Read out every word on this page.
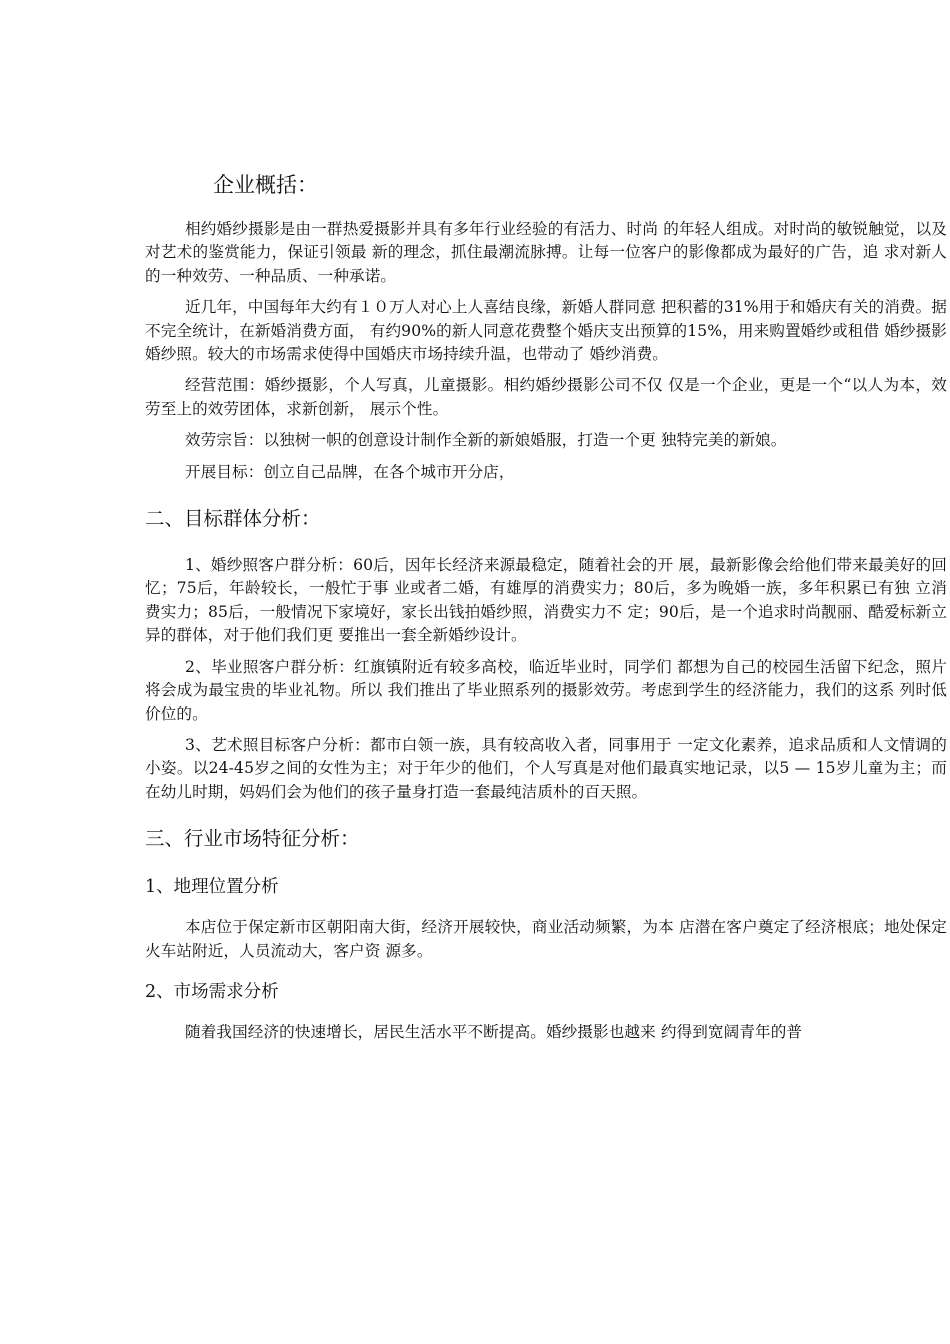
企业概括：

相约婚纱摄影是由一群热爱摄影并具有多年行业经验的有活力、时尚 的年轻人组成。对时尚的敏锐触觉，以及对艺术的鉴赏能力，保证引领最 新的理念，抓住最潮流脉搏。让每一位客户的影像都成为最好的广告，追 求对新人的一种效劳、一种品质、一种承诺。

近几年，中国每年大约有１０万人对心上人喜结良缘，新婚人群同意 把积蓄的31%用于和婚庆有关的消费。据不完全统计，在新婚消费方面， 有约90%的新人同意花费整个婚庆支出预算的15%，用来购置婚纱或租借 婚纱摄影婚纱照。较大的市场需求使得中国婚庆市场持续升温，也带动了 婚纱消费。

经营范围：婚纱摄影，个人写真，儿童摄影。相约婚纱摄影公司不仅 仅是一个企业，更是一个“以人为本，效劳至上的效劳团体，求新创新， 展示个性。

效劳宗旨：以独树一帜的创意设计制作全新的新娘婚服，打造一个更 独特完美的新娘。

开展目标：创立自己品牌，在各个城市开分店，

二、目标群体分析：

1、婚纱照客户群分析：60后，因年长经济来源最稳定，随着社会的开 展，最新影像会给他们带来最美好的回忆；75后，年龄较长，一般忙于事 业或者二婚，有雄厚的消费实力；80后，多为晚婚一族，多年积累已有独 立消费实力；85后，一般情况下家境好，家长出钱拍婚纱照，消费实力不 定；90后，是一个追求时尚靓丽、酷爱标新立异的群体，对于他们我们更 要推出一套全新婚纱设计。

2、毕业照客户群分析：红旗镇附近有较多高校，临近毕业时，同学们 都想为自己的校园生活留下纪念，照片将会成为最宝贵的毕业礼物。所以 我们推出了毕业照系列的摄影效劳。考虑到学生的经济能力，我们的这系 列时低价位的。

3、艺术照目标客户分析：都市白领一族，具有较高收入者，同事用于 一定文化素养，追求品质和人文情调的小姿。以24-45岁之间的女性为主；对于年少的他们，个人写真是对他们最真实地记录，以5 — 15岁儿童为主；而在幼儿时期，妈妈们会为他们的孩子量身打造一套最纯洁质朴的百天照。

三、行业市场特征分析：
1、地理位置分析

本店位于保定新市区朝阳南大街，经济开展较快，商业活动频繁，为本 店潜在客户奠定了经济根底；地处保定火车站附近，人员流动大，客户资 源多。

2、市场需求分析

随着我国经济的快速增长，居民生活水平不断提高。婚纱摄影也越来 约得到宽阔青年的普
